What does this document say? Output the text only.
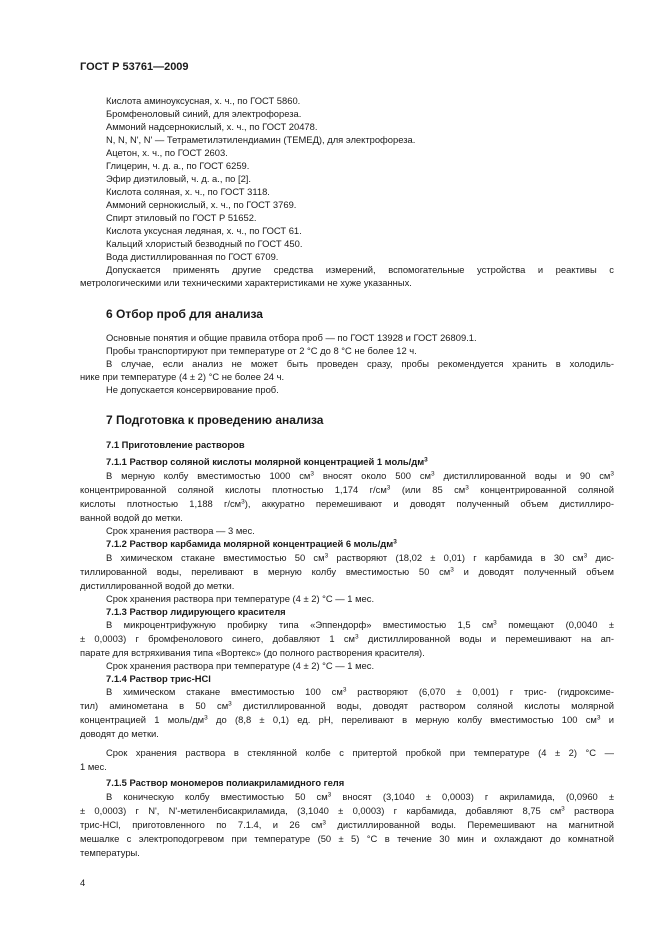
ГОСТ Р 53761—2009
Кислота аминоуксусная, х. ч., по ГОСТ 5860.
Бромфеноловый синий, для электрофореза.
Аммоний надсернокислый, х. ч., по ГОСТ 20478.
N, N, N', N' — Тетраметилэтилендиамин (ТЕМЕД), для электрофореза.
Ацетон, х. ч., по ГОСТ 2603.
Глицерин, ч. д. а., по ГОСТ 6259.
Эфир диэтиловый, ч. д. а., по [2].
Кислота соляная, х. ч., по ГОСТ 3118.
Аммоний сернокислый, х. ч., по ГОСТ 3769.
Спирт этиловый по ГОСТ Р 51652.
Кислота уксусная ледяная, х. ч., по ГОСТ 61.
Кальций хлористый безводный по ГОСТ 450.
Вода дистиллированная по ГОСТ 6709.
Допускается применять другие средства измерений, вспомогательные устройства и реактивы с
метрологическими или техническими характеристиками не хуже указанных.
6 Отбор проб для анализа
Основные понятия и общие правила отбора проб — по ГОСТ 13928 и ГОСТ 26809.1.
Пробы транспортируют при температуре от 2 °С до 8 °С не более 12 ч.
В случае, если анализ не может быть проведен сразу, пробы рекомендуется хранить в холодиль-
нике при температуре (4 ± 2) °С не более 24 ч.
Не допускается консервирование проб.
7 Подготовка к проведению анализа
7.1 Приготовление растворов
7.1.1 Раствор соляной кислоты молярной концентрацией 1 моль/$дм^3$
В мерную колбу вместимостью 1000 $см^3$ вносят около 500 $см^3$ дистиллированной воды и 90 $см^3$
концентрированной соляной кислоты плотностью 1,174 $г/см^3$ (или 85 $см^3$ концентрированной соляной
кислоты плотностью 1,188 $г/см^3$), аккуратно перемешивают и доводят полученный объем дистиллиро-
ванной водой до метки.
Срок хранения раствора — 3 мес.
7.1.2 Раствор карбамида молярной концентрацией 6 моль/$дм^3$
В химическом стакане вместимостью 50 $см^3$ растворяют (18,02 ± 0,01) г карбамида в 30 $см^3$ дис-
тиллированной воды, переливают в мерную колбу вместимостью 50 $см^3$ и доводят полученный объем
дистиллированной водой до метки.
Срок хранения раствора при температуре (4 ± 2) °С — 1 мес.
7.1.3 Раствор лидирующего красителя
В микроцентрифужную пробирку типа «Эппендорф» вместимостью 1,5 $см^3$ помещают (0,0040 ±
± 0,0003) г бромфенолового синего, добавляют 1 $см^3$ дистиллированной воды и перемешивают на ап-
парате для встряхивания типа «Вортекс» (до полного растворения красителя).
Срок хранения раствора при температуре (4 ± 2) °С — 1 мес.
7.1.4 Раствор трис-HCl
В химическом стакане вместимостью 100 $см^3$ растворяют (6,070 ± 0,001) г трис- (гидроксиме-
тил) аминометана в 50 $см^3$ дистиллированной воды, доводят раствором соляной кислоты молярной
концентрацией 1 моль/$дм^3$ до (8,8 ± 0,1) ед. рН, переливают в мерную колбу вместимостью 100 $см^3$ и
доводят до метки.
Срок хранения раствора в стеклянной колбе с притертой пробкой при температуре (4 ± 2) °С —
1 мес.
7.1.5 Раствор мономеров полиакриламидного геля
В коническую колбу вместимостью 50 $см^3$ вносят (3,1040 ± 0,0003) г акриламида, (0,0960 ±
± 0,0003) г N', N'-метиленбисакриламида, (3,1040 ± 0,0003) г карбамида, добавляют 8,75 $см^3$ раствора
трис-HCl, приготовленного по 7.1.4, и 26 $см^3$ дистиллированной воды. Перемешивают на магнитной
мешалке с электроподогревом при температуре (50 ± 5) °С в течение 30 мин и охлаждают до комнатной
температуры.
4
